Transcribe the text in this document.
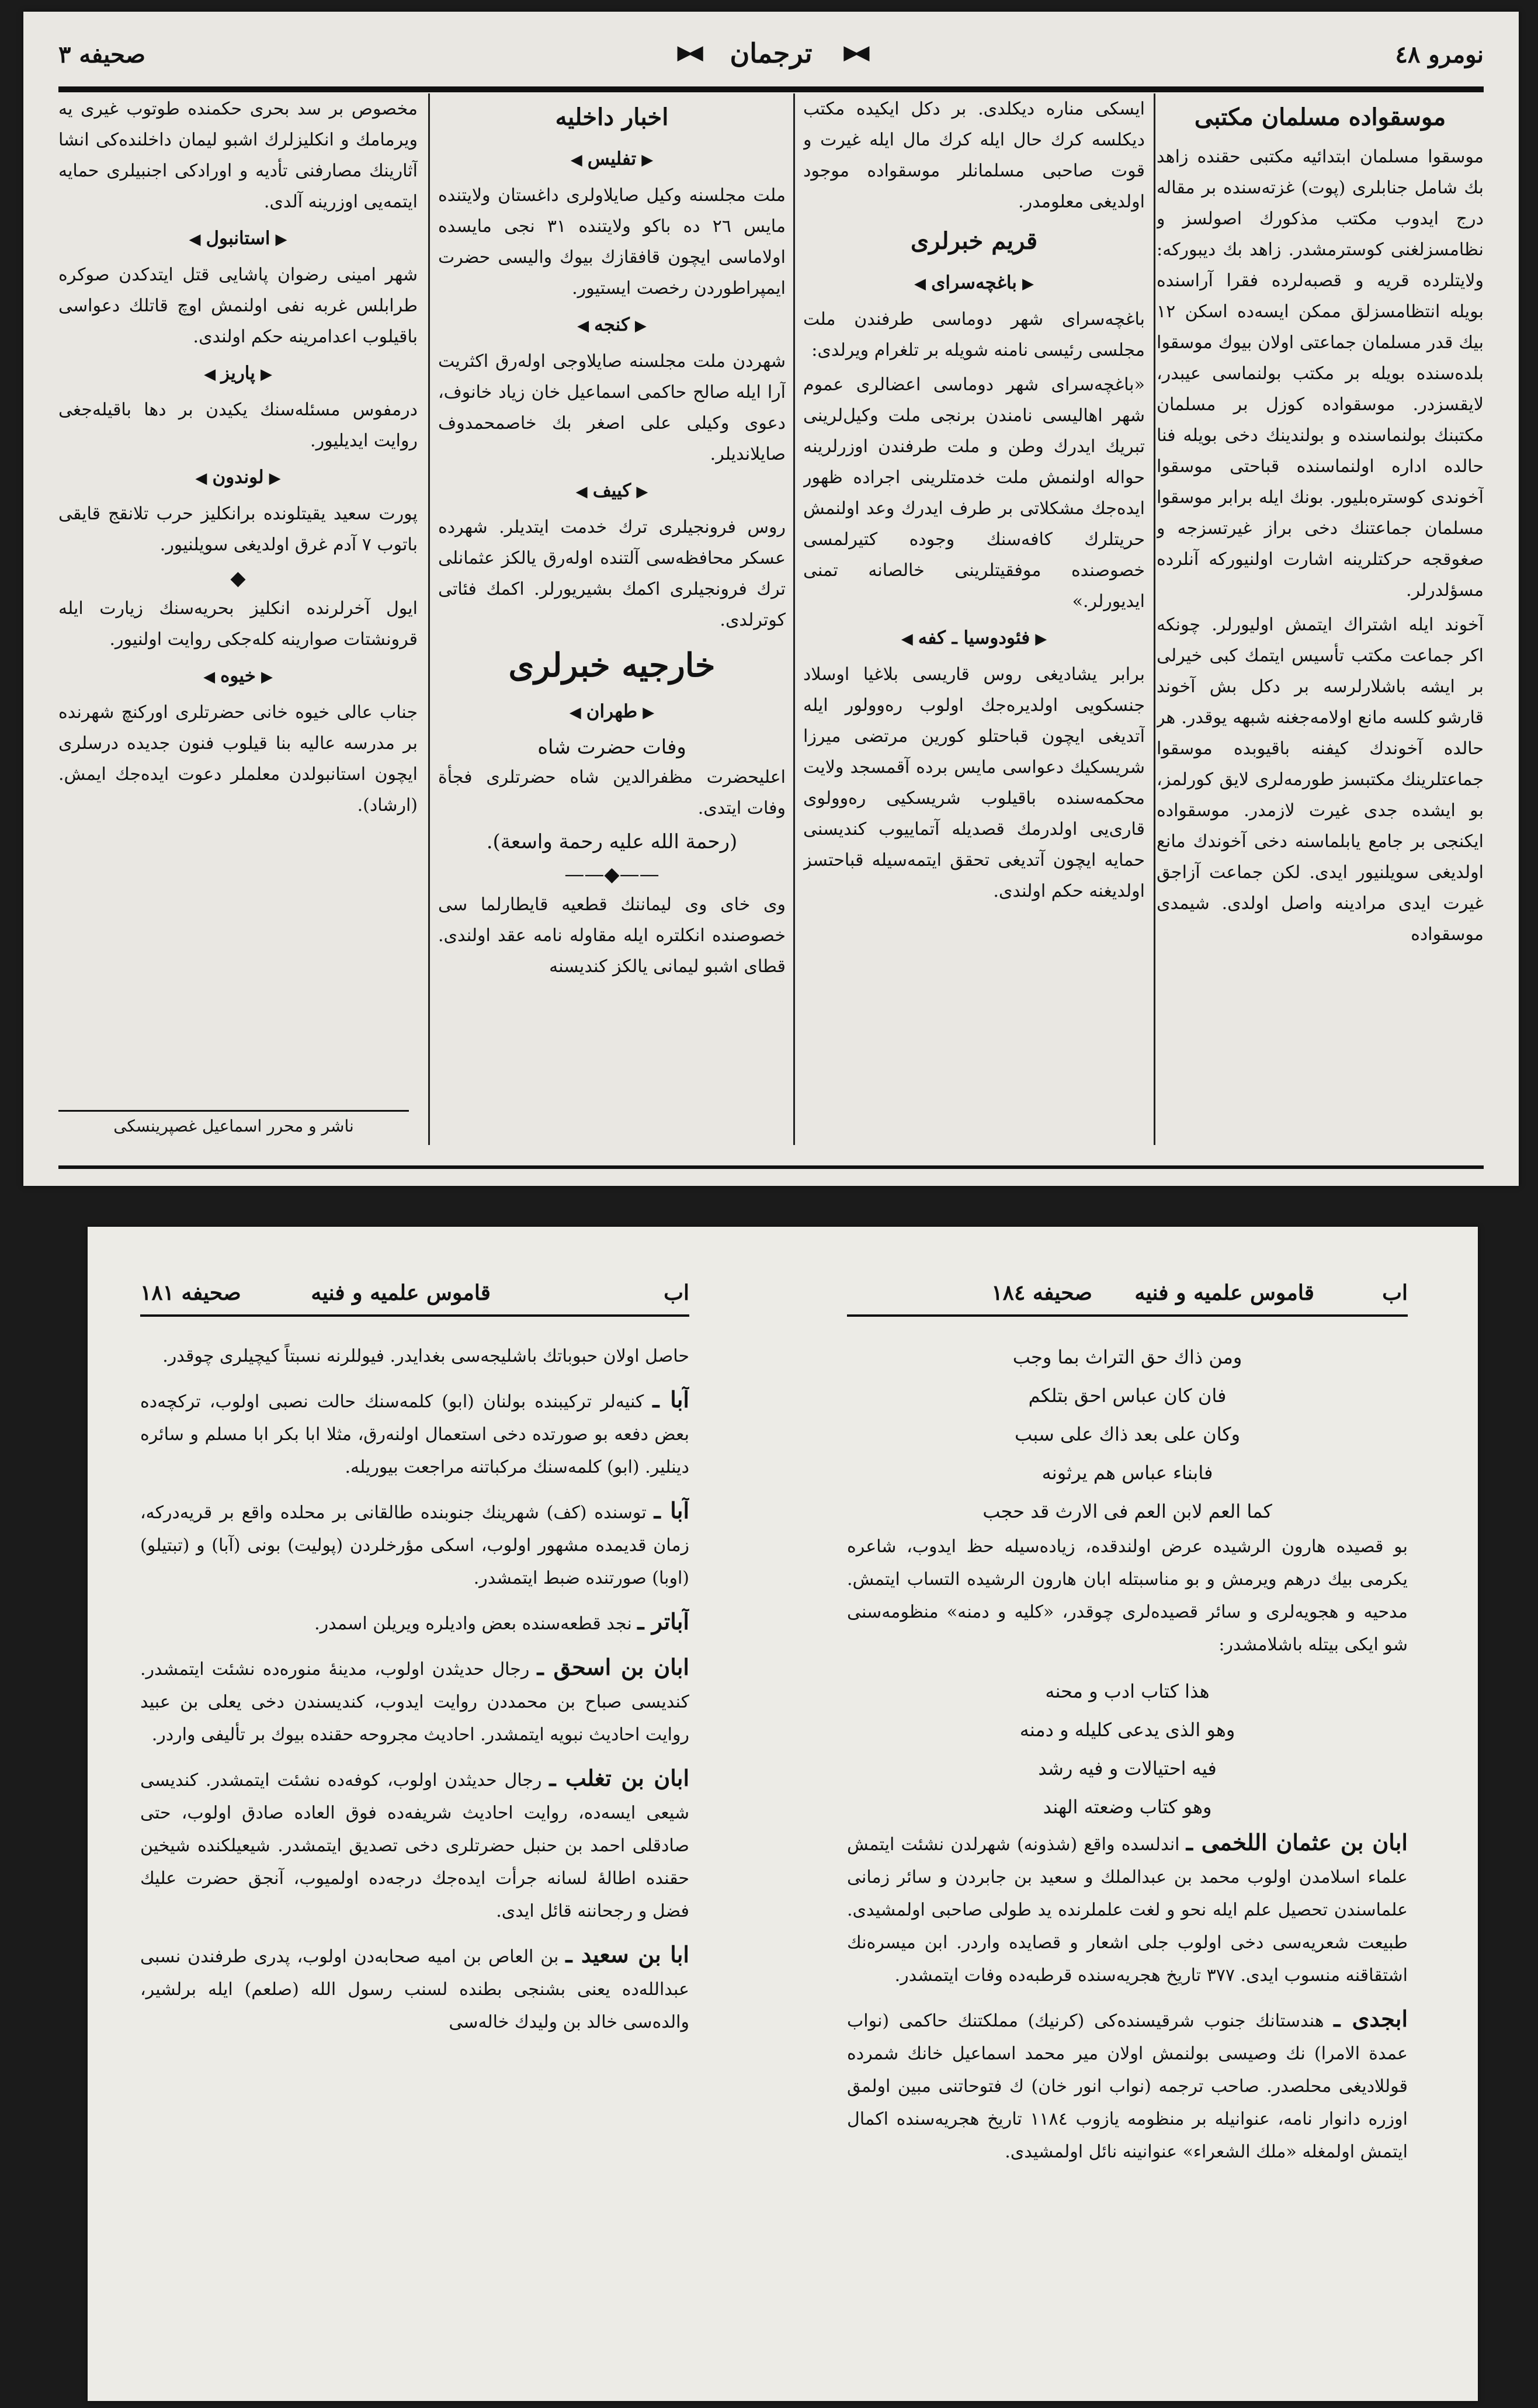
صحيفه ٣
◀▶	ترجمان ◀▶	نومرو ٤٨
موسقواده مسلمان مكتبى

موسقوا مسلمان ابتدائيه مكتبى حقنده زاهد بك شامل جنابلرى (پوت) غزته‌سنده بر مقاله درج ايدوب مكتب مذكورك اصولسز و نظامسزلغنى كوسترمشدر. زاهد بك ديبوركه: ولايتلرده قريه و قصبه‌لرده فقرا آراسنده بويله انتظامسزلق ممكن ايسه‌ده اسكن ١٢ بيك قدر مسلمان جماعتى اولان بيوك موسقوا بلده‌سنده بويله بر مكتب بولنماسى عيبدر، لايقسزدر. موسقواده كوزل بر مسلمان مكتبنك بولنماسنده و بولندينك دخى بويله فنا حالده اداره اولنماسنده قباحتى موسقوا آخوندى كوستره‌بليور. بونك ايله برابر موسقوا مسلمان جماعتنك دخى براز غيرتسزجه و صغوقجه حركتلرينه اشارت اولنيوركه آنلرده مسؤلدرلر.

آخوند ايله اشتراك ايتمش اوليورلر. چونكه اكر جماعت مكتب تأسيس ايتمك كبى خيرلى بر ايشه باشلارلرسه بر دكل بش آخوند قارشو كلسه مانع اولامه‌جغنه شبهه يوقدر. هر حالده آخوندك كيفنه باقيوبده موسقوا جماعتلرينك مكتبسز طورمه‌لرى لايق كورلمز، بو ايشده جدى غيرت لازمدر. موسقواده ايكنجى بر جامع يابلما‌سنه دخى آخوندك مانع اولديغى سويلنيور ايدى. لكن جماعت آزاجق غيرت ايدى مرادينه واصل اولدى. شيمدى موسقواده

ايسكى مناره ديكلدى. بر دكل ايكيده مكتب ديكلسه كرك حال ايله كرك مال ايله غيرت و قوت صاحبى مسلمانلر موسقواده موجود اولديغى معلومدر.

قريم خبرلرى
▶ باغچه‌سراى ◀

باغچه‌سراى شهر دوماسى طرفندن ملت مجلسى رئيسى نامنه شويله بر تلغرام ويرلدى:

«باغچه‌سراى شهر دوماسى اعضالرى عموم شهر اهاليسى نامندن برنجى ملت وكيل‌لرينى تبريك ايدرك وطن و ملت طرفندن اوزرلرينه حواله اولنمش ملت خدمتلرينى اجراده ظهور ايده‌جك مشكلاتى بر طرف ايدرك وعد اولنمش حريتلرك كافه‌سنك وجوده كتيرلمسى خصوصنده موفقيتلرينى خالصانه تمنى ايديورلر.»

▶ فئودوسيا ـ كفه ◀

برابر يشاديغى روس قاريسى بلاغيا اوسلاد جنسكويى اولديره‌جك اولوب ره‌وولور ايله آتديغى ايچون قباحتلو كورين مرتضى ميرزا شريسكيك دعواسى مايس برده آقمسجد ولايت محكمه‌سنده باقيلوب شريسكيى ره‌وولوى قارى‌يى اولدرمك قصديله آتماييوب كنديسنى حمايه ايچون آتديغى تحقق ايتمه‌سيله قباحتسز اولديغنه حكم اولندى.

اخبار داخليه
▶ تفليس ◀

ملت مجلسنه وكيل صايلاولرى داغستان ولايتنده مايس ٢٦ ده باكو ولايتنده ٣١ نجى مايسده اولاماسى ايچون قافقازك بيوك واليسى حضرت ايمپراطوردن رخصت ايستيور.

▶ كنجه ◀

شهردن ملت مجلسنه صايلاوجى اوله‌رق اكثريت آرا ايله صالح حاكمى اسماعيل خان زياد خانوف، دعوى وكيلى على اصغر بك خاصمحمدوف صايلانديلر.

▶ كييف ◀

روس فرونجيلرى ترك خدمت ايتديلر. شهرده عسكر محافظه‌سى آلتنده اوله‌رق يالكز عثمانلى ترك فرونجيلرى اكمك بشيريورلر. اكمك فئاتى كوترلدى.

خارجيه خبرلرى
▶ طهران ◀
وفات حضرت شاه

اعليحضرت مظفرالدين شاه حضرتلرى فجأة وفات ايتدى.

(رحمة الله عليه رحمة واسعة).

——◆——

وى خاى وى ليماننك قطعيه قايطارلما سى خصوصنده انكلتره ايله مقاوله نامه عقد اولندى. قطاى اشبو ليمانى يالكز كنديسنه

مخصوص بر سد بحرى حكمنده طوتوب غيرى يه ويرمامك و انكليزلرك اشبو ليمان داخلنده‌كى انشا آثارينك مصارفنى تأديه و اورادكى اجنبيلرى حمايه ايتمه‌يى اوزرينه آلدى.

▶ استانبول ◀

شهر امينى رضوان پاشايى قتل ايتدكدن صوكره طرابلس غربه نفى اولنمش اوچ قاتلك دعواسى باقيلوب اعدامرينه حكم اولندى.

▶ پاريز ◀

درمفوس مسئله‌سنك يكيدن بر دها باقيله‌جغى روايت ايديليور.

▶ لوندون ◀

پورت سعيد يقيتلونده برانكليز حرب تلانقج قايقى باتوب ٧ آدم غرق اولديغى سويلنيور.

◆

ايول آخرلرنده انكليز بحريه‌سنك زيارت ايله قرونشتات صوارينه كله‌جكى روايت اولنيور.

▶ خيوه ◀

جناب عالى خيوه خانى حضرتلرى اوركنچ شهرنده بر مدرسه عاليه بنا قيلوب فنون جديده درسلرى ايچون استانبولدن معلملر دعوت ايده‌جك ايمش. (ارشاد).

ناشر و محرر اسماعيل غصپرينسكى
اب
قاموس علميه و فنيه
صحيفه ١٨١	اب
قاموس علميه و فنيه
صحيفه ١٨٤

حاصل اولان حبوباتك باشليجه‌سى بغدايدر. فيوللرنه نسبتاً كيچيلرى چوقدر.

آبا ـ كنيه‌لر تركيبنده بولنان (ابو) كلمه‌سنك حالت نصبى اولوب، تركچه‌ده بعض دفعه بو صورتده دخى استعمال اولنه‌رق، مثلا ابا بكر ابا مسلم و سائره دينلير. (ابو) كلمه‌سنك مركباتنه مراجعت بيوريله.

آبا ـ توسنده (كف) شهرينك جنوبنده طالقانى بر محلده واقع بر قريه‌دركه، زمان قديمده مشهور اولوب، اسكى مؤرخلردن (پوليت) بونى (آبا) و (تبتيلو) (اوبا) صورتنده ضبط ايتمشدر.

آباتر ـ نجد قطعه‌سنده بعض واديلره ويريلن اسمدر.

ابان بن اسحق ـ رجال حديثدن اولوب، مدينهٔ منوره‌ده نشئت ايتمشدر. كنديسى صباح بن محمددن روايت ايدوب، كنديسندن دخى يعلى بن عبيد روايت احاديث نبويه ايتمشدر. احاديث مجروحه حقنده بيوك بر تأليفى واردر.

ابان بن تغلب ـ رجال حديثدن اولوب، كوفه‌ده نشئت ايتمشدر. كنديسى شيعى ايسه‌ده، روايت احاديث شريفه‌ده فوق العاده صادق اولوب، حتى صادقلى احمد بن حنبل حضرتلرى دخى تصديق ايتمشدر. شيعيلكنده شيخين حقنده اطالهٔ لسانه جرأت ايده‌جك درجه‌ده اولميوب، آنجق حضرت عليك فضل و رجحاننه قائل ايدى.

ابا بن سعيد ـ بن العاص بن اميه صحابه‌دن اولوب، پدرى طرفندن نسبى عبدالله‌ده يعنى بشنجى بطنده لسنب رسول الله (صلعم) ايله برلشير، والده‌سى خالد بن وليدك خاله‌سى

ومن ذاك حق التراث بما وجب
فان كان عباس احق بتلكم
وكان على بعد ذاك على سبب
فابناء عباس هم يرثونه
كما العم لابن العم فى الارث قد حجب

بو قصيده هارون الرشيده عرض اولندقده، زياده‌سيله حظ ايدوب، شاعره يكرمى بيك درهم ويرمش و بو مناسبتله ابان هارون الرشيده التساب ايتمش. مدحيه و هجويه‌لرى و سائر قصيده‌لرى چوقدر، «كليه و دمنه» منظومه‌سنى شو ايكى بيتله باشلامشدر:

هذا كتاب ادب و محنه
وهو الذى يدعى كليله و دمنه
فيه احتيالات و فيه رشد
وهو كتاب وضعته الهند

ابان بن عثمان اللخمى ـ اندلسده واقع (شذونه) شهرلدن نشئت ايتمش علماء اسلامدن اولوب محمد بن عبدالملك و سعيد بن جابردن و سائر زمانى علماسندن تحصيل علم ايله نحو و لغت علملرنده يد طولى صاحبى اولمشيدى. طبيعت شعريه‌سى دخى اولوب جلى اشعار و قصايده واردر. ابن ميسره‌نك اشتقاقنه منسوب ايدى. ٣٧٧ تاريخ هجريه‌سنده قرطبه‌ده وفات ايتمشدر.

ابجدى ـ هندستانك جنوب شرقيسنده‌كى (كرنيك) مملكتنك حاكمى (نواب عمدة الامرا) نك وصيسى بولنمش اولان مير محمد اسماعيل خانك شمرده قوللاديغى محلصدر. صاحب ترجمه (نواب انور خان) ك فتوحاتنى مبين اولمق اوزره دانوار نامه، عنوانيله بر منظومه يازوب ١١٨٤ تاريخ هجريه‌سنده اكمال ايتمش اولمغله «ملك الشعراء» عنوانينه نائل اولمشيدى.
